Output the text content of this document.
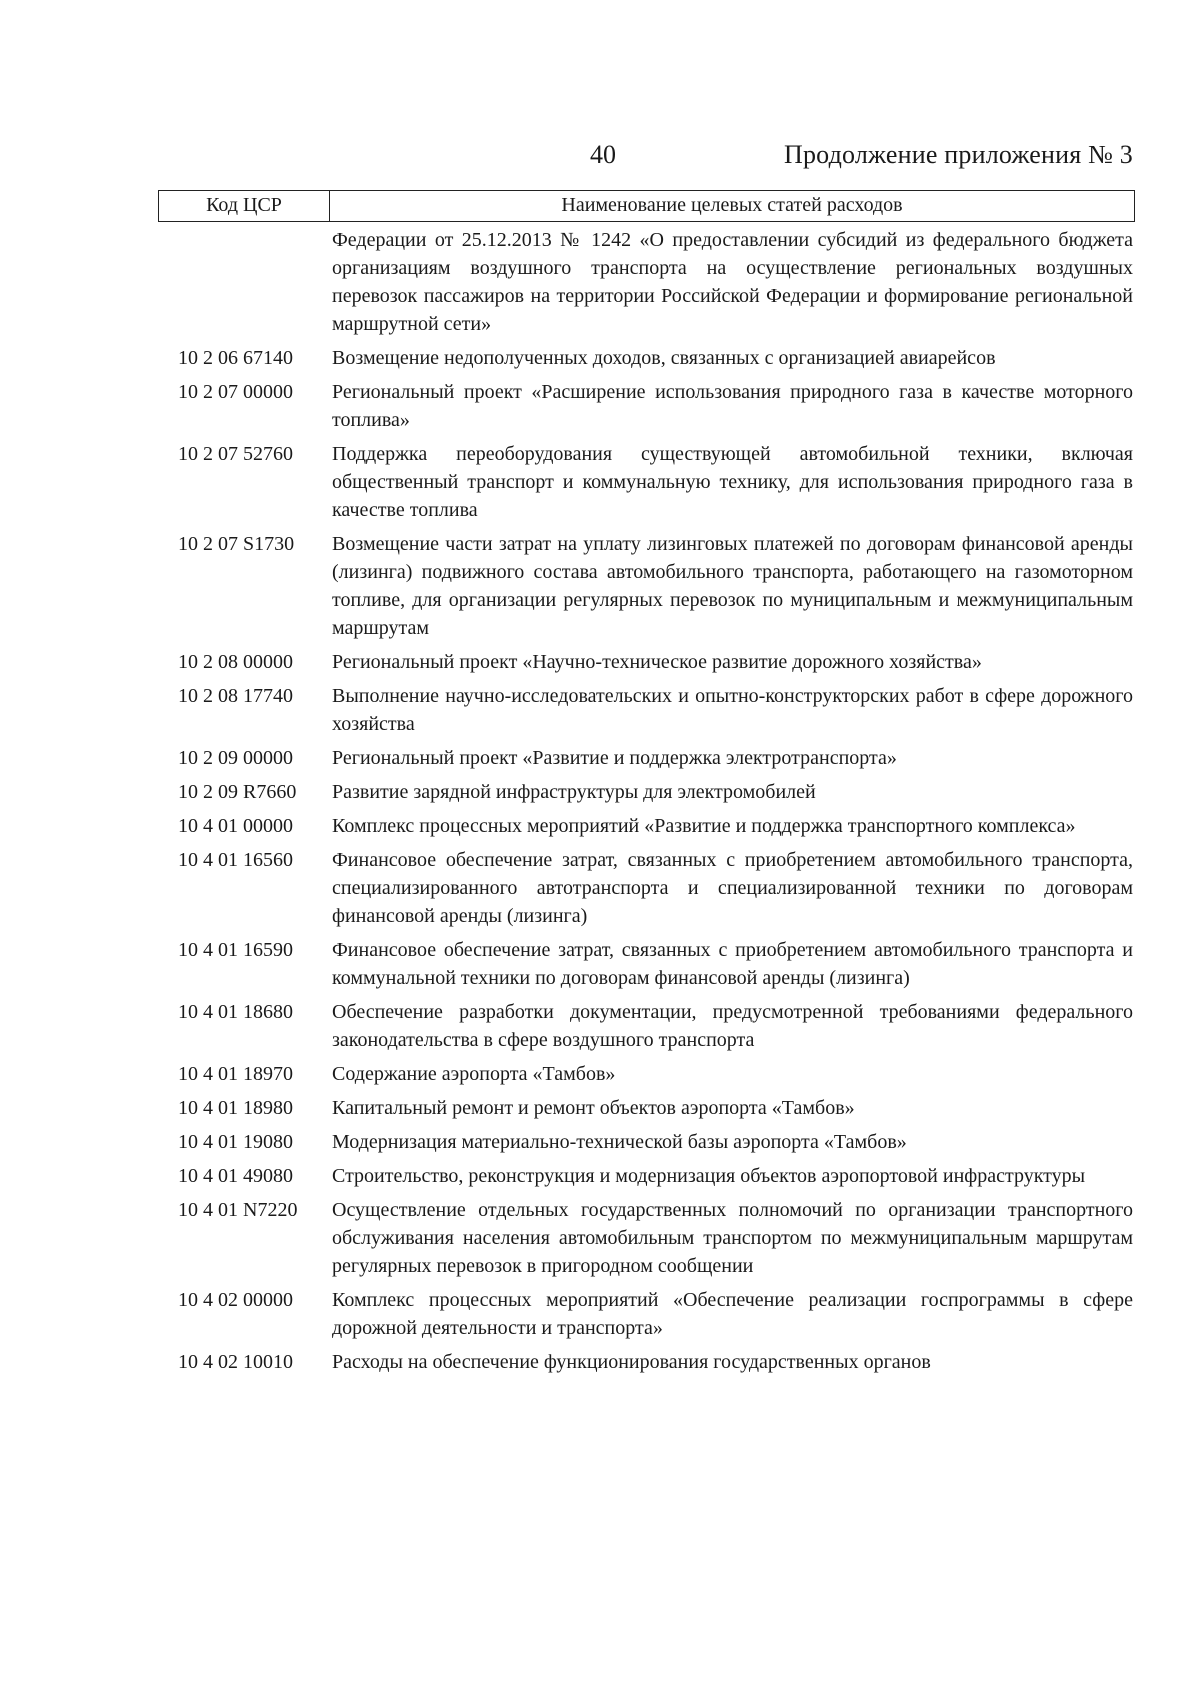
40	Продолжение приложения № 3
Код ЦСР	Наименование целевых статей расходов
Федерации от 25.12.2013 № 1242 «О предоставлении субсидий из федерального бюджета организациям воздушного транспорта на осуществление региональных воздушных перевозок пассажиров на территории Российской Федерации и формирование региональной маршрутной сети»
10 2 06 67140	Возмещение недополученных доходов, связанных с организацией авиарейсов
10 2 07 00000	Региональный проект «Расширение использования природного газа в качестве моторного топлива»
10 2 07 52760	Поддержка переоборудования существующей автомобильной техники, включая общественный транспорт и коммунальную технику, для использования природного газа в качестве топлива
10 2 07 S1730	Возмещение части затрат на уплату лизинговых платежей по договорам финансовой аренды (лизинга) подвижного состава автомобильного транспорта, работающего на газомоторном топливе, для организации регулярных перевозок по муниципальным и межмуниципальным маршрутам
10 2 08 00000	Региональный проект «Научно-техническое развитие дорожного хозяйства»
10 2 08 17740	Выполнение научно-исследовательских и опытно-конструкторских работ в сфере дорожного хозяйства
10 2 09 00000	Региональный проект «Развитие и поддержка электротранспорта»
10 2 09 R7660	Развитие зарядной инфраструктуры для электромобилей
10 4 01 00000	Комплекс процессных мероприятий «Развитие и поддержка транспортного комплекса»
10 4 01 16560	Финансовое обеспечение затрат, связанных с приобретением автомобильного транспорта, специализированного автотранспорта и специализированной техники по договорам финансовой аренды (лизинга)
10 4 01 16590	Финансовое обеспечение затрат, связанных с приобретением автомобильного транспорта и коммунальной техники по договорам финансовой аренды (лизинга)
10 4 01 18680	Обеспечение разработки документации, предусмотренной требованиями федерального законодательства в сфере воздушного транспорта
10 4 01 18970	Содержание аэропорта «Тамбов»
10 4 01 18980	Капитальный ремонт и ремонт объектов аэропорта «Тамбов»
10 4 01 19080	Модернизация материально-технической базы аэропорта «Тамбов»
10 4 01 49080	Строительство, реконструкция и модернизация объектов аэропортовой инфраструктуры
10 4 01 N7220	Осуществление отдельных государственных полномочий по организации транспортного обслуживания населения автомобильным транспортом по межмуниципальным маршрутам регулярных перевозок в пригородном сообщении
10 4 02 00000	Комплекс процессных мероприятий «Обеспечение реализации госпрограммы в сфере дорожной деятельности и транспорта»
10 4 02 10010	Расходы на обеспечение функционирования государственных органов
